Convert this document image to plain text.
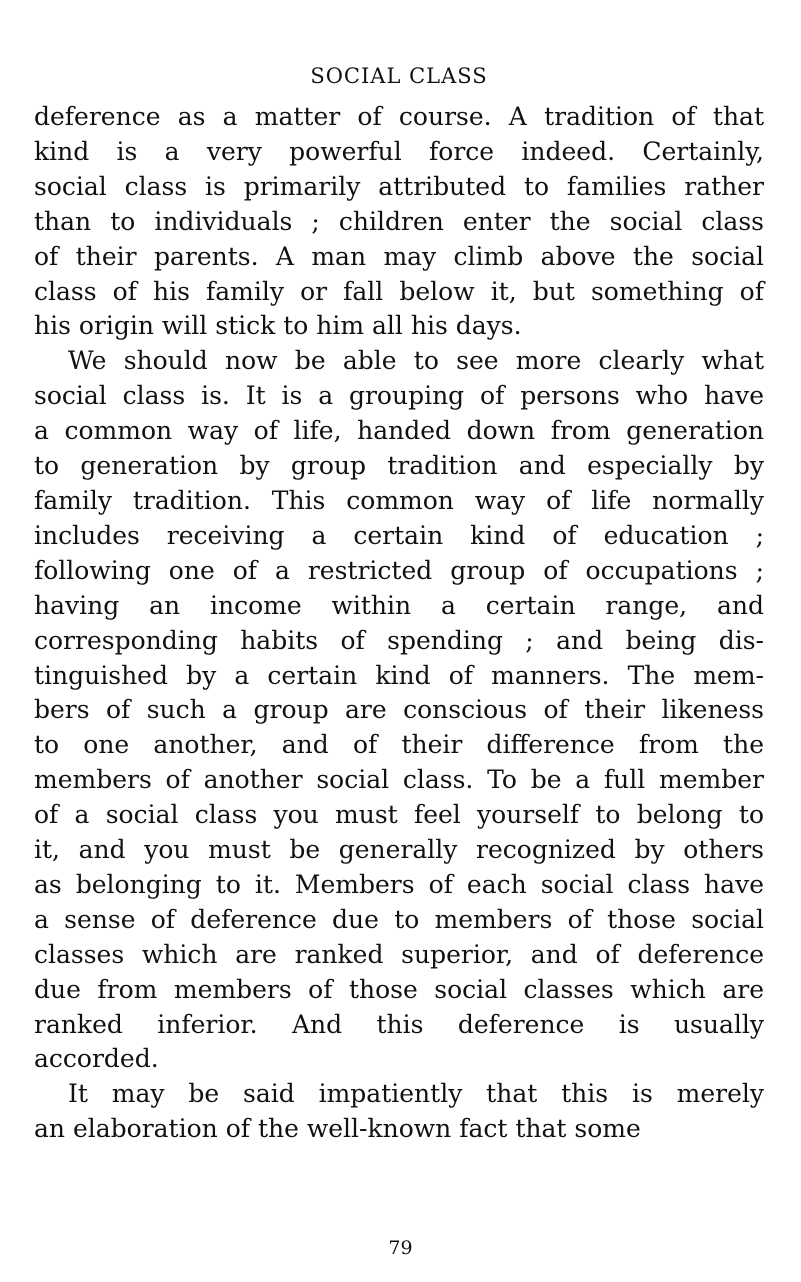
SOCIAL CLASS

deference as a matter of course. A tradition of that
kind is a very powerful force indeed. Certainly,
social class is primarily attributed to families rather
than to individuals ; children enter the social class
of their parents. A man may climb above the social
class of his family or fall below it, but something of
his origin will stick to him all his days.

We should now be able to see more clearly what
social class is. It is a grouping of persons who have
a common way of life, handed down from generation
to generation by group tradition and especially by
family tradition. This common way of life normally
includes receiving a certain kind of education ;
following one of a restricted group of occupations ;
having an income within a certain range, and
corresponding habits of spending ; and being dis-
tinguished by a certain kind of manners. The mem-
bers of such a group are conscious of their likeness
to one another, and of their difference from the
members of another social class. To be a full member
of a social class you must feel yourself to belong to
it, and you must be generally recognized by others
as belonging to it. Members of each social class have
a sense of deference due to members of those social
classes which are ranked superior, and of deference
due from members of those social classes which are
ranked inferior. And this deference is usually
accorded.

It may be said impatiently that this is merely
an elaboration of the well-known fact that some

79
